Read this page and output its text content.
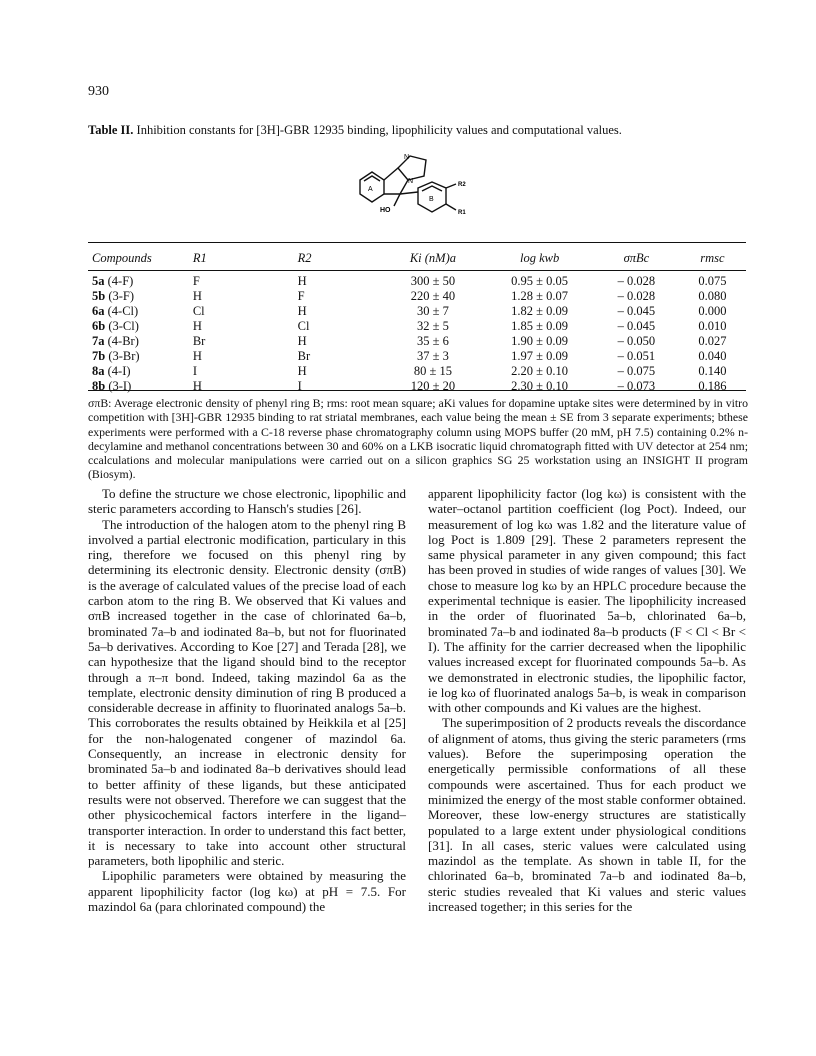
930
Table II. Inhibition constants for [3H]-GBR 12935 binding, lipophilicity values and computational values.
A
B
N
N
HO
R2
R1
Compounds	R1	R2	Ki (nM)a	log kwb	σπBc	rmsc
5a (4-F)	F	H	300 ± 50	0.95 ± 0.05	– 0.028	0.075
5b (3-F)	H	F	220 ± 40	1.28 ± 0.07	– 0.028	0.080
6a (4-Cl)	Cl	H	30 ± 7	1.82 ± 0.09	– 0.045	0.000
6b (3-Cl)	H	Cl	32 ± 5	1.85 ± 0.09	– 0.045	0.010
7a (4-Br)	Br	H	35 ± 6	1.90 ± 0.09	– 0.050	0.027
7b (3-Br)	H	Br	37 ± 3	1.97 ± 0.09	– 0.051	0.040
8a (4-I)	I	H	80 ± 15	2.20 ± 0.10	– 0.075	0.140
8b (3-I)	H	I	120 ± 20	2.30 ± 0.10	– 0.073	0.186
σπB: Average electronic density of phenyl ring B; rms: root mean square; aKi values for dopamine uptake sites were determined by in vitro competition with [3H]-GBR 12935 binding to rat striatal membranes, each value being the mean ± SE from 3 separate experiments; bthese experiments were performed with a C-18 reverse phase chromatography column using MOPS buffer (20 mM, pH 7.5) containing 0.2% n-decylamine and methanol concentrations between 30 and 60% on a LKB isocratic liquid chromatograph fitted with UV detector at 254 nm; ccalculations and molecular manipulations were carried out on a silicon graphics SG 25 workstation using an INSIGHT II program (Biosym).

To define the structure we chose electronic, lipophilic and steric parameters according to Hansch's studies [26].

The introduction of the halogen atom to the phenyl ring B involved a partial electronic modification, particulary in this ring, therefore we focused on this phenyl ring by determining its electronic density. Electronic density (σπB) is the average of calculated values of the precise load of each carbon atom to the ring B. We observed that Ki values and σπB increased together in the case of chlorinated 6a–b, brominated 7a–b and iodinated 8a–b, but not for fluorinated 5a–b derivatives. According to Koe [27] and Terada [28], we can hypothesize that the ligand should bind to the receptor through a π–π bond. Indeed, taking mazindol 6a as the template, electronic density diminution of ring B produced a considerable decrease in affinity to fluorinated analogs 5a–b. This corroborates the results obtained by Heikkila et al [25] for the non-halogenated congener of mazindol 6a. Consequently, an increase in electronic density for brominated 5a–b and iodinated 8a–b derivatives should lead to better affinity of these ligands, but these anticipated results were not observed. Therefore we can suggest that the other physicochemical factors interfere in the ligand–transporter interaction. In order to understand this fact better, it is necessary to take into account other structural parameters, both lipophilic and steric.

Lipophilic parameters were obtained by measuring the apparent lipophilicity factor (log kω) at pH = 7.5. For mazindol 6a (para chlorinated compound) the

apparent lipophilicity factor (log kω) is consistent with the water–octanol partition coefficient (log Poct). Indeed, our measurement of log kω was 1.82 and the literature value of log Poct is 1.809 [29]. These 2 parameters represent the same physical parameter in any given compound; this fact has been proved in studies of wide ranges of values [30]. We chose to measure log kω by an HPLC procedure because the experimental technique is easier. The lipophilicity increased in the order of fluorinated 5a–b, chlorinated 6a–b, brominated 7a–b and iodinated 8a–b products (F < Cl < Br < I). The affinity for the carrier decreased when the lipophilic values increased except for fluorinated compounds 5a–b. As we demonstrated in electronic studies, the lipophilic factor, ie log kω of fluorinated analogs 5a–b, is weak in comparison with other compounds and Ki values are the highest.

The superimposition of 2 products reveals the discordance of alignment of atoms, thus giving the steric parameters (rms values). Before the superimposing operation the energetically permissible conformations of all these compounds were ascertained. Thus for each product we minimized the energy of the most stable conformer obtained. Moreover, these low-energy structures are statistically populated to a large extent under physiological conditions [31]. In all cases, steric values were calculated using mazindol as the template. As shown in table II, for the chlorinated 6a–b, brominated 7a–b and iodinated 8a–b, steric studies revealed that Ki values and steric values increased together; in this series for the
